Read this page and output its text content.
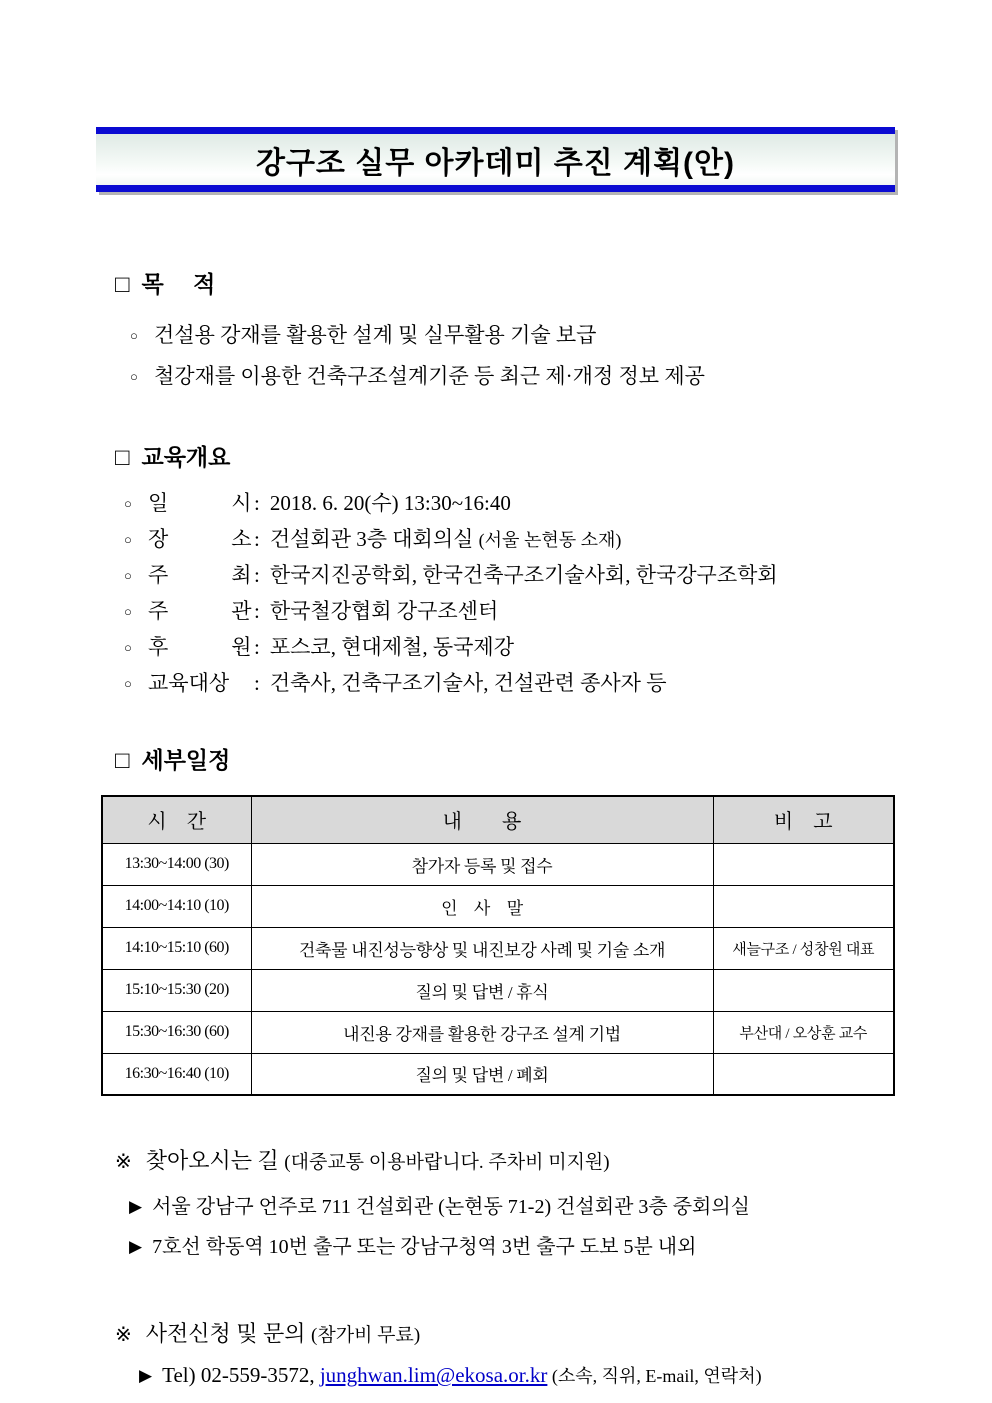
강구조 실무 아카데미 추진 계획(안)
□ 목　 적
○ 건설용 강재를 활용한 설계 및 실무활용 기술 보급
○ 철강재를 이용한 건축구조설계기준 등 최근 제·개정 정보 제공
□ 교육개요
○ 일　　　시 : 2018. 6. 20(수) 13:30~16:40
○ 장　　　소 : 건설회관 3층 대회의실 (서울 논현동 소재)
○ 주　　　최 : 한국지진공학회, 한국건축구조기술사회, 한국강구조학회
○ 주　　　관 : 한국철강협회 강구조센터
○ 후　　　원 : 포스코, 현대제철, 동국제강
○ 교육대상 : 건축사, 건축구조기술사, 건설관련 종사자 등
□ 세부일정
시　간	내　　용	비　고
13:30~14:00 (30)	참가자 등록 및 접수	
14:00~14:10 (10)	인　사　말	
14:10~15:10 (60)	건축물 내진성능향상 및 내진보강 사례 및 기술 소개	새늘구조 / 성창원 대표
15:10~15:30 (20)	질의 및 답변 / 휴식	
15:30~16:30 (60)	내진용 강재를 활용한 강구조 설계 기법	부산대 / 오상훈 교수
16:30~16:40 (10)	질의 및 답변 / 폐회	
※ 찾아오시는 길 (대중교통 이용바랍니다. 주차비 미지원)
▶ 서울 강남구 언주로 711 건설회관 (논현동 71-2) 건설회관 3층 중회의실
▶ 7호선 학동역 10번 출구 또는 강남구청역 3번 출구 도보 5분 내외
※ 사전신청 및 문의 (참가비 무료)
▶ Tel) 02-559-3572, junghwan.lim@ekosa.or.kr (소속, 직위, E-mail, 연락처)
